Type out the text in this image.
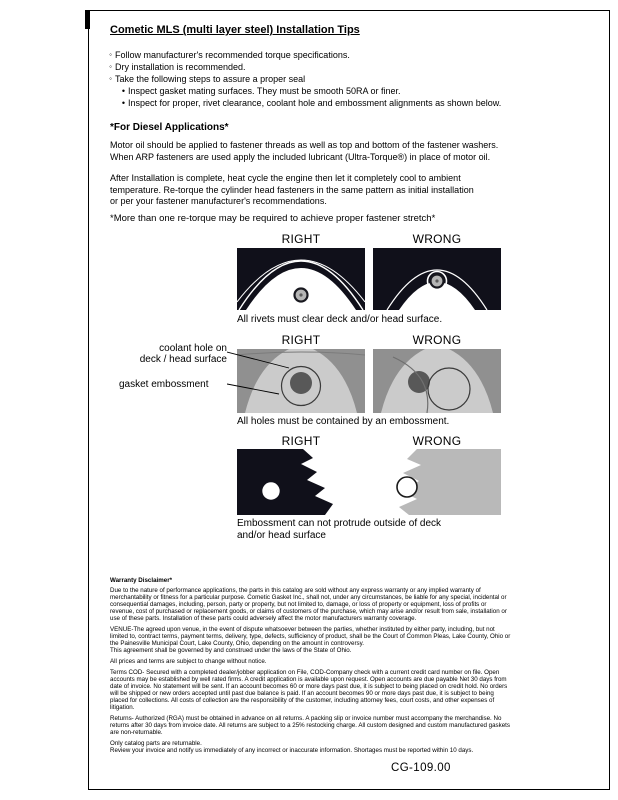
Cometic MLS (multi layer steel) Installation Tips
◦ Follow manufacturer's recommended torque specifications.
◦ Dry installation is recommended.
◦ Take the following steps to assure a proper seal
• Inspect gasket mating surfaces. They must be smooth 50RA or finer.
• Inspect for proper, rivet clearance, coolant hole and embossment alignments as shown below.
*For Diesel Applications*
Motor oil should be applied to fastener threads as well as top and bottom of the fastener washers.
When ARP fasteners are used apply the included lubricant (Ultra-Torque®) in place of motor oil.
After Installation is complete, heat cycle the engine then let it completely cool to ambient
temperature. Re-torque the cylinder head fasteners in the same pattern as initial installation
or per your fastener manufacturer's recommendations.
*More than one re-torque may be required to achieve proper fastener stretch*
RIGHT	WRONG
All rivets must clear deck and/or head surface.
RIGHT	WRONG
coolant hole on
deck / head surface
gasket embossment
All holes must be contained by an embossment.
RIGHT	WRONG
Embossment can not protrude outside of deck and/or head surface
Warranty Disclaimer*

Due to the nature of performance applications, the parts in this catalog are sold without any express warranty or any implied warranty of merchantability or fitness for a particular purpose. Cometic Gasket Inc., shall not, under any circumstances, be liable for any special, incidental or consequential damages, including, person, party or property, but not limited to, damage, or loss of property or equipment, loss of profits or revenue, cost of purchased or replacement goods, or claims of customers of the purchase, which may arise and/or result from sale, installation or use of these parts. Installation of these parts could adversely affect the motor manufacturers warranty coverage.

VENUE-The agreed upon venue, in the event of dispute whatsoever between the parties, whether instituted by either party, including, but not limited to, contract terms, payment terms, delivery, type, defects, sufficiency of product, shall be the Court of Common Pleas, Lake County, Ohio or the Painesville Municipal Court, Lake County, Ohio, depending on the amount in controversy.

This agreement shall be governed by and construed under the laws of the State of Ohio.

All prices and terms are subject to change without notice.

Terms COD- Secured with a completed dealer/jobber application on File, COD-Company check with a current credit card number on file. Open accounts may be established by well rated firms. A credit application is available upon request. Open accounts are due payable Net 30 days from date of invoice. No statement will be sent. If an account becomes 60 or more days past due, it is subject to being placed on credit hold. No orders will be shipped or new orders accepted until past due balance is paid. If an account becomes 90 or more days past due, it is subject to being placed for collections. All costs of collection are the responsibility of the customer, including attorney fees, court costs, and other expenses of litigation.

Returns- Authorized (RGA) must be obtained in advance on all returns. A packing slip or invoice number must accompany the merchandise. No returns after 30 days from invoice date. All returns are subject to a 25% restocking charge. All custom designed and custom manufactured gaskets are non-returnable.

Only catalog parts are returnable.

Review your invoice and notify us immediately of any incorrect or inaccurate information. Shortages must be reported within 10 days.

CG-109.00
